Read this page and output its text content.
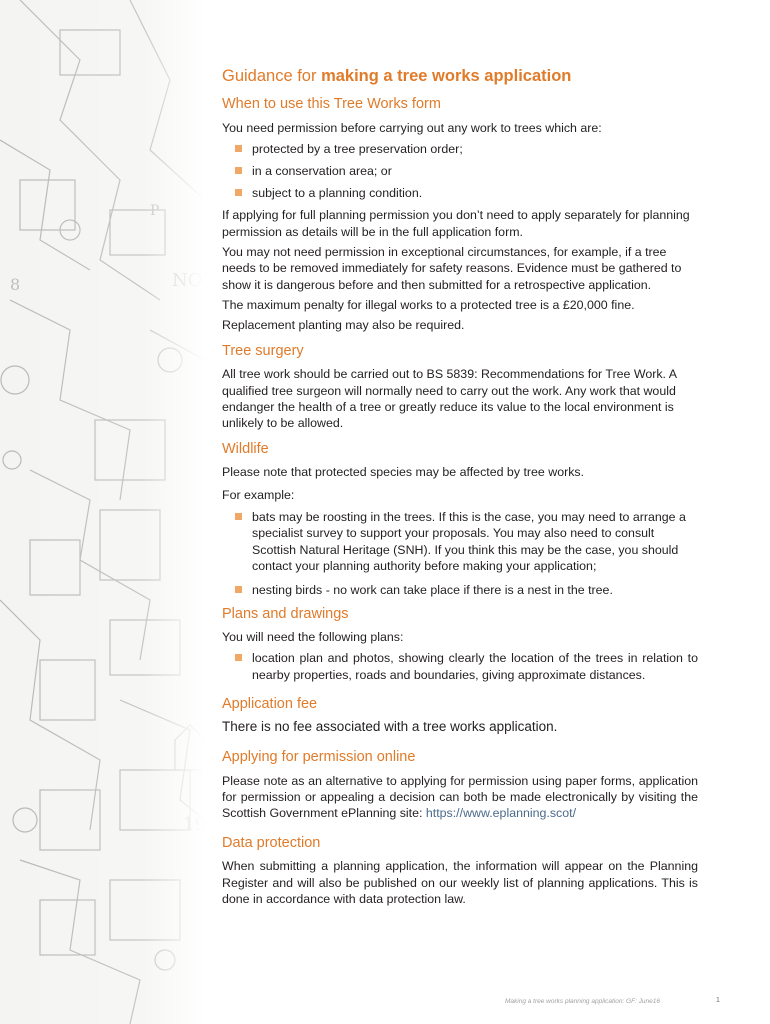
Guidance for making a tree works application
When to use this Tree Works form

You need permission before carrying out any work to trees which are:

protected by a tree preservation order;
in a conservation area; or
subject to a planning condition.

If applying for full planning permission you don’t need to apply separately for planning permission as details will be in the full application form.

You may not need permission in exceptional circumstances, for example, if a tree needs to be removed immediately for safety reasons. Evidence must be gathered to show it is dangerous before and then submitted for a retrospective application.

The maximum penalty for illegal works to a protected tree is a £20,000 fine.

Replacement planting may also be required.

Tree surgery

All tree work should be carried out to BS 5839: Recommendations for Tree Work. A qualified tree surgeon will normally need to carry out the work. Any work that would endanger the health of a tree or greatly reduce its value to the local environment is unlikely to be allowed.

Wildlife

Please note that protected species may be affected by tree works.

For example:

bats may be roosting in the trees. If this is the case, you may need to arrange a specialist survey to support your proposals. You may also need to consult Scottish Natural Heritage (SNH). If you think this may be the case, you should contact your planning authority before making your application;
nesting birds - no work can take place if there is a nest in the tree.
Plans and drawings

You will need the following plans:

location plan and photos, showing clearly the location of the trees in relation to nearby properties, roads and boundaries, giving approximate distances.
Application fee

There is no fee associated with a tree works application.

Applying for permission online

Please note as an alternative to applying for permission using paper forms, application for permission or appealing a decision can both be made electronically by visiting the Scottish Government ePlanning site: https://www.eplanning.scot/

Data protection

When submitting a planning application, the information will appear on the Planning Register and will also be published on our weekly list of planning applications. This is done in accordance with data protection law.

Making a tree works planning application: GF: June16	1
